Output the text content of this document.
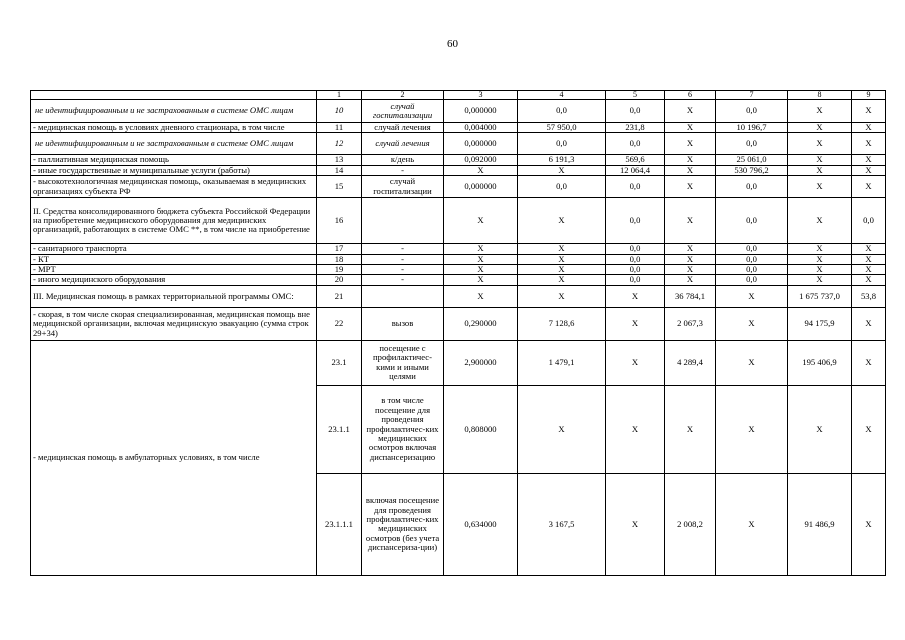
60
	1	2	3	4	5	6	7	8	9
не идентифицированным и не застрахованным в системе ОМС лицам	10	случай госпитализации	0,000000	0,0	0,0	X	0,0	X	X
- медицинская помощь в условиях дневного стационара, в том числе	11	случай лечения	0,004000	57 950,0	231,8	X	10 196,7	X	X
не идентифицированным и не застрахованным в системе ОМС лицам	12	случай лечения	0,000000	0,0	0,0	X	0,0	X	X
- паллиативная медицинская помощь	13	к/день	0,092000	6 191,3	569,6	X	25 061,0	X	X
- иные государственные и муниципальные услуги (работы)	14	-	X	X	12 064,4	X	530 796,2	X	X
- высокотехнологичная медицинская помощь, оказываемая в медицинских организациях субъекта РФ	15	случай госпитализации	0,000000	0,0	0,0	X	0,0	X	X
II. Средства консолидированного бюджета субъекта Российской Федерации на приобретение медицинского оборудования для медицинских организаций, работающих в системе ОМС **, в том числе на приобретение	16		X	X	0,0	X	0,0	X	0,0
- санитарного транспорта	17	-	X	X	0,0	X	0,0	X	X
- КТ	18	-	X	X	0,0	X	0,0	X	X
- МРТ	19	-	X	X	0,0	X	0,0	X	X
- иного медицинского оборудования	20	-	X	X	0,0	X	0,0	X	X
III. Медицинская помощь в рамках территориальной программы ОМС:	21		X	X	X	36 784,1	X	1 675 737,0	53,8
- скорая, в том числе скорая специализированная, медицинская помощь вне медицинской организации, включая медицинскую эвакуацию (сумма строк 29+34)	22	вызов	0,290000	7 128,6	X	2 067,3	X	94 175,9	X
- медицинская помощь в амбулаторных условиях, в том числе	23.1	посещение с профилактичес-кими и иными целями	2,900000	1 479,1	X	4 289,4	X	195 406,9	X
	23.1.1	в том числе посещение для проведения профилактичес-ких медицинских осмотров включая диспансеризацию	0,808000	X	X	X	X	X	X
	23.1.1.1	включая посещение для проведения профилактичес-ких медицинских осмотров (без учета диспансериза-ции)	0,634000	3 167,5	X	2 008,2	X	91 486,9	X
